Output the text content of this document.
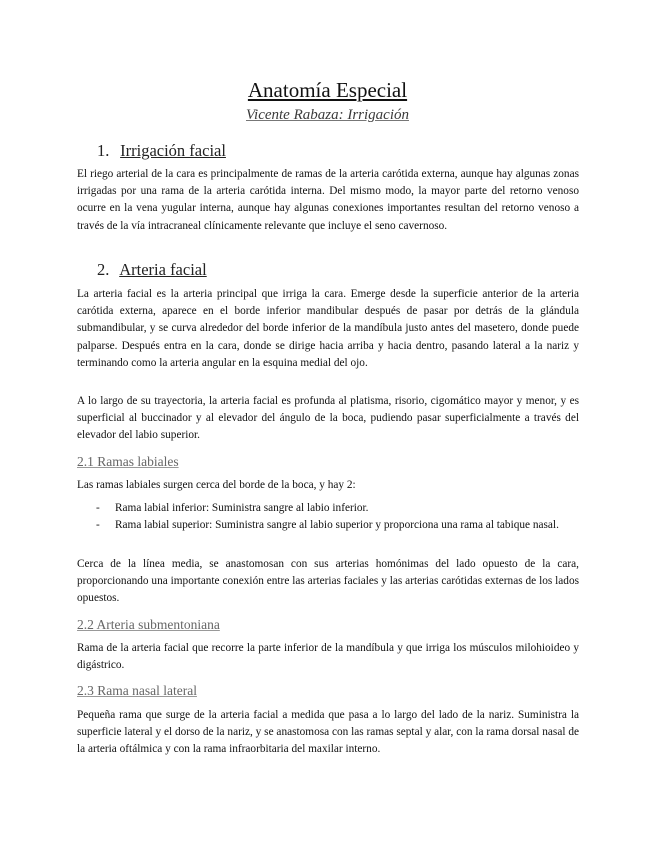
Anatomía Especial
Vicente Rabaza: Irrigación
1. Irrigación facial
El riego arterial de la cara es principalmente de ramas de la arteria carótida externa, aunque hay algunas zonas irrigadas por una rama de la arteria carótida interna. Del mismo modo, la mayor parte del retorno venoso ocurre en la vena yugular interna, aunque hay algunas conexiones importantes resultan del retorno venoso a través de la vía intracraneal clínicamente relevante que incluye el seno cavernoso.
2. Arteria facial
La arteria facial es la arteria principal que irriga la cara. Emerge desde la superficie anterior de la arteria carótida externa, aparece en el borde inferior mandibular después de pasar por detrás de la glándula submandibular, y se curva alrededor del borde inferior de la mandíbula justo antes del masetero, donde puede palparse. Después entra en la cara, donde se dirige hacia arriba y hacia dentro, pasando lateral a la nariz y terminando como la arteria angular en la esquina medial del ojo.
A lo largo de su trayectoria, la arteria facial es profunda al platisma, risorio, cigomático mayor y menor, y es superficial al buccinador y al elevador del ángulo de la boca, pudiendo pasar superficialmente a través del elevador del labio superior.
2.1 Ramas labiales
Las ramas labiales surgen cerca del borde de la boca, y hay 2:
-	Rama labial inferior: Suministra sangre al labio inferior.
-	Rama labial superior: Suministra sangre al labio superior y proporciona una rama al tabique nasal.
Cerca de la línea media, se anastomosan con sus arterias homónimas del lado opuesto de la cara, proporcionando una importante conexión entre las arterias faciales y las arterias carótidas externas de los lados opuestos.
2.2 Arteria submentoniana
Rama de la arteria facial que recorre la parte inferior de la mandíbula y que irriga los músculos milohioideo y digástrico.
2.3 Rama nasal lateral
Pequeña rama que surge de la arteria facial a medida que pasa a lo largo del lado de la nariz. Suministra la superficie lateral y el dorso de la nariz, y se anastomosa con las ramas septal y alar, con la rama dorsal nasal de la arteria oftálmica y con la rama infraorbitaria del maxilar interno.
